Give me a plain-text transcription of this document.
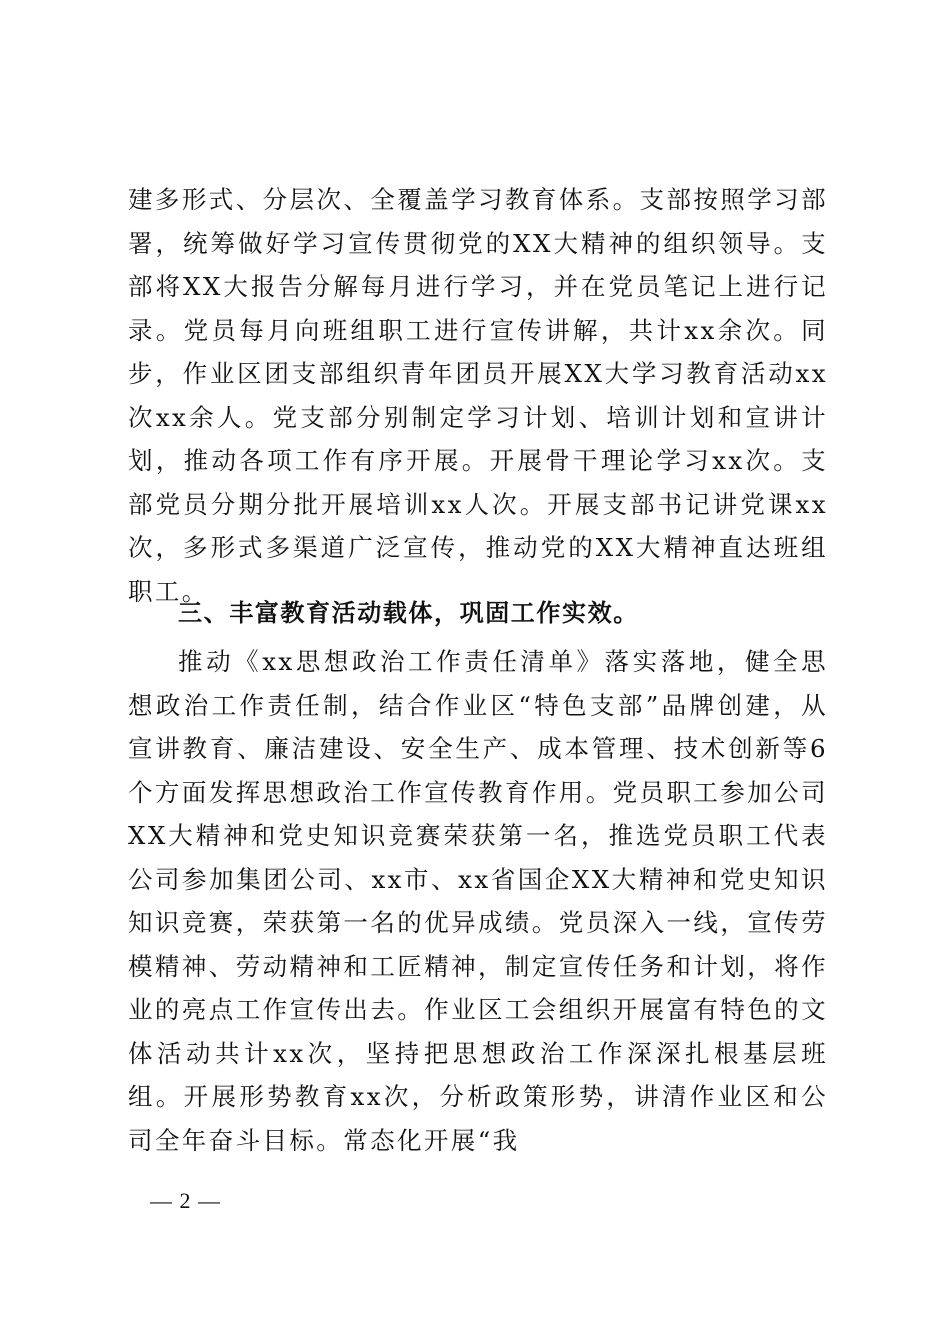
建多形式、分层次、全覆盖学习教育体系。支部按照学习部署，统筹做好学习宣传贯彻党的XX大精神的组织领导。支部将XX大报告分解每月进行学习，并在党员笔记上进行记录。党员每月向班组职工进行宣传讲解，共计xx余次。同步，作业区团支部组织青年团员开展XX大学习教育活动xx次xx余人。党支部分别制定学习计划、培训计划和宣讲计划，推动各项工作有序开展。开展骨干理论学习xx次。支部党员分期分批开展培训xx人次。开展支部书记讲党课xx次，多形式多渠道广泛宣传，推动党的XX大精神直达班组职工。

三、丰富教育活动载体，巩固工作实效。

推动《xx思想政治工作责任清单》落实落地，健全思想政治工作责任制，结合作业区“特色支部”品牌创建，从宣讲教育、廉洁建设、安全生产、成本管理、技术创新等6个方面发挥思想政治工作宣传教育作用。党员职工参加公司XX大精神和党史知识竞赛荣获第一名，推选党员职工代表公司参加集团公司、xx市、xx省国企XX大精神和党史知识知识竞赛，荣获第一名的优异成绩。党员深入一线，宣传劳模精神、劳动精神和工匠精神，制定宣传任务和计划，将作业的亮点工作宣传出去。作业区工会组织开展富有特色的文体活动共计xx次，坚持把思想政治工作深深扎根基层班组。开展形势教育xx次，分析政策形势，讲清作业区和公司全年奋斗目标。常态化开展“我

— 2 —
